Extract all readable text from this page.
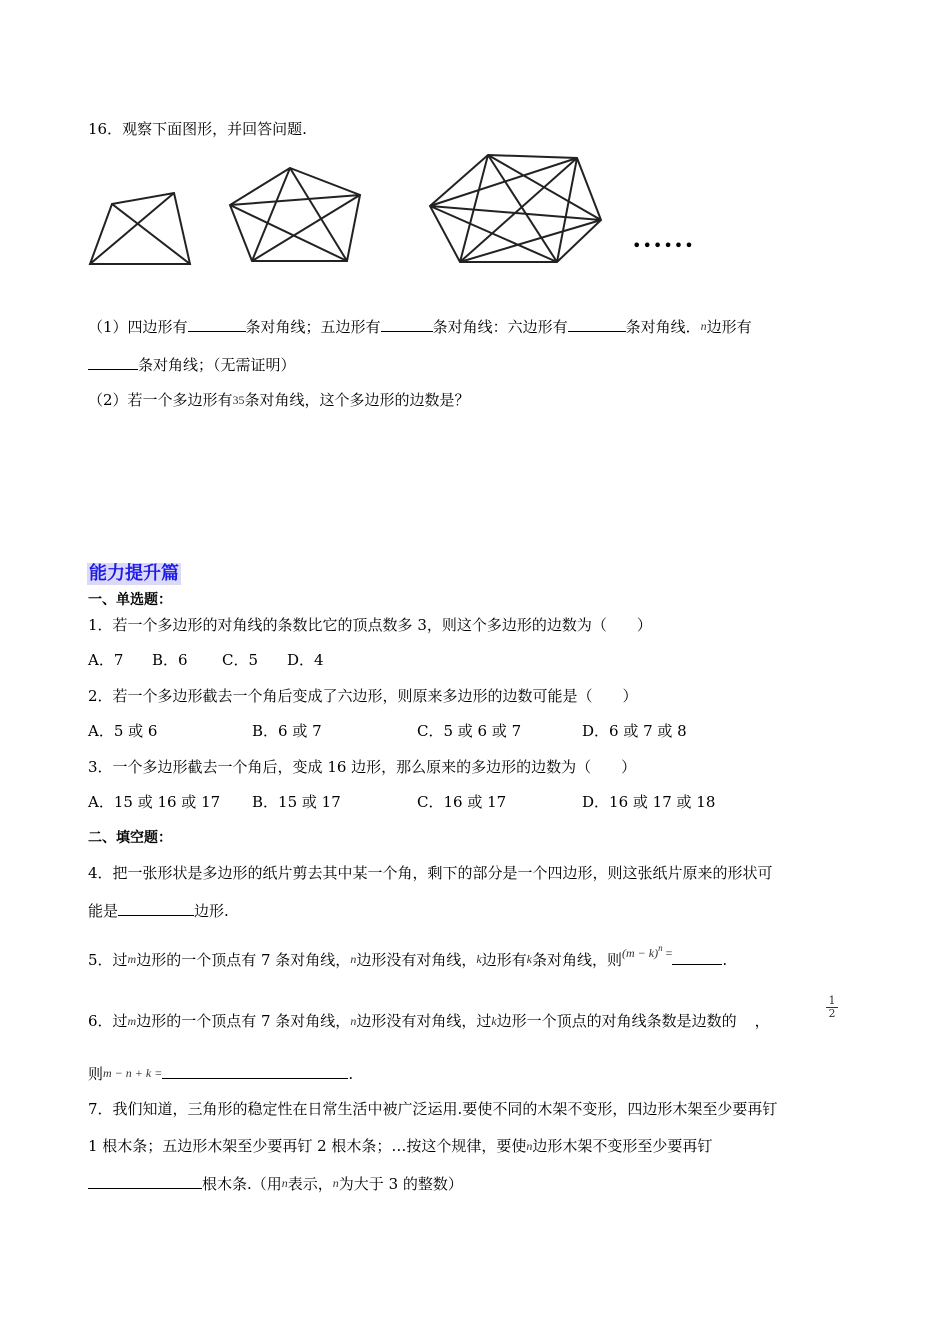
16．观察下面图形，并回答问题.
••••••
（1）四边形有	条对角线；五边形有	条对角线：六边形有	条对角线．$^n$边形有
条对角线；（无需证明）
（2）若一个多边形有$^{35}$条对角线，这个多边形的边数是？
能力提升篇
一、单选题：
1．若一个多边形的对角线的条数比它的顶点数多 3，则这个多边形的边数为（　　）
A．7 B．6 C．5 D．4
2．若一个多边形截去一个角后变成了六边形，则原来多边形的边数可能是（　　）
A．5 或 6	B．6 或 7	C．5 或 6 或 7	D．6 或 7 或 8
3．一个多边形截去一个角后，变成 16 边形，那么原来的多边形的边数为（　　）
A．15 或 16 或 17 B．15 或 17	C．16 或 17	D．16 或 17 或 18
二、填空题：
4．把一张形状是多边形的纸片剪去其中某一个角，剩下的部分是一个四边形，则这张纸片原来的形状可
能是	边形.
5．过$^m$边形的一个顶点有 7 条对角线，$^n$边形没有对角线，$^k$边形有$^k$条对角线，则$^{(m - k)n}$ =	.
6．过$^m$边形的一个顶点有 7 条对角线，$^n$边形没有对角线，过$^k$边形一个顶点的对角线条数是边数的 ，
$\frac{1}{2}$
则$^{m - n + k =}$	.
7．我们知道，三角形的稳定性在日常生活中被广泛运用.要使不同的木架不变形，四边形木架至少要再钉
1 根木条；五边形木架至少要再钉 2 根木条；…按这个规律，要使$^n$边形木架不变形至少要再钉
根木条.（用$^n$表示，$^n$为大于 3 的整数）
